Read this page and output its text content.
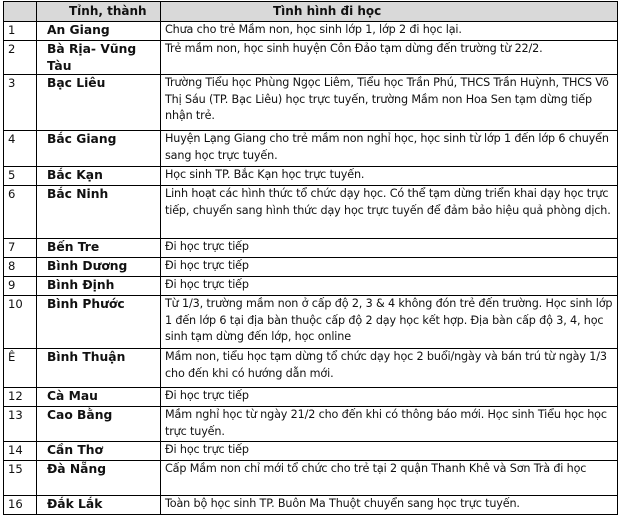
	Tỉnh, thành	Tình hình đi học
1	An Giang	Chưa cho trẻ Mầm non, học sinh lớp 1, lớp 2 đi học lại.
2	Bà Rịa- Vũng Tàu	Trẻ mầm non, học sinh huyện Côn Đảo tạm dừng đến trường từ 22/2.
3	Bạc Liêu	Trường Tiểu học Phùng Ngọc Liêm, Tiểu học Trần Phú, THCS Trần Huỳnh, THCS Võ Thị Sáu (TP. Bạc Liêu) học trực tuyến, trường Mầm non Hoa Sen tạm dừng tiếp nhận trẻ.
4	Bắc Giang	Huyện Lạng Giang cho trẻ mầm non nghỉ học, học sinh từ lớp 1 đến lớp 6 chuyển sang học trực tuyến.
5	Bắc Kạn	Học sinh TP. Bắc Kạn học trực tuyến.
6	Bắc Ninh	Linh hoạt các hình thức tổ chức dạy học. Có thể tạm dừng triển khai dạy học trực tiếp, chuyển sang hình thức dạy học trực tuyến để đảm bảo hiệu quả phòng dịch.
7	Bến Tre	Đi học trực tiếp
8	Bình Dương	Đi học trực tiếp
9	Bình Định	Đi học trực tiếp
10	Bình Phước	Từ 1/3, trường mầm non ở cấp độ 2, 3 & 4 không đón trẻ đến trường. Học sinh lớp 1 đến lớp 6 tại địa bàn thuộc cấp độ 2 dạy học kết hợp. Địa bàn cấp độ 3, 4, học sinh tạm dừng đến lớp, học online
Ê	Bình Thuận	Mầm non, tiểu học tạm dừng tổ chức dạy học 2 buổi/ngày và bán trú từ ngày 1/3 cho đến khi có hướng dẫn mới.
12	Cà Mau	Đi học trực tiếp
13	Cao Bằng	Mầm nghỉ học từ ngày 21/2 cho đến khi có thông báo mới. Học sinh Tiểu học học trực tuyến.
14	Cần Thơ	Đi học trực tiếp
15	Đà Nẵng	Cấp Mầm non chỉ mới tổ chức cho trẻ tại 2 quận Thanh Khê và Sơn Trà đi học
16	Đắk Lắk	Toàn bộ học sinh TP. Buôn Ma Thuột chuyển sang học trực tuyến.
